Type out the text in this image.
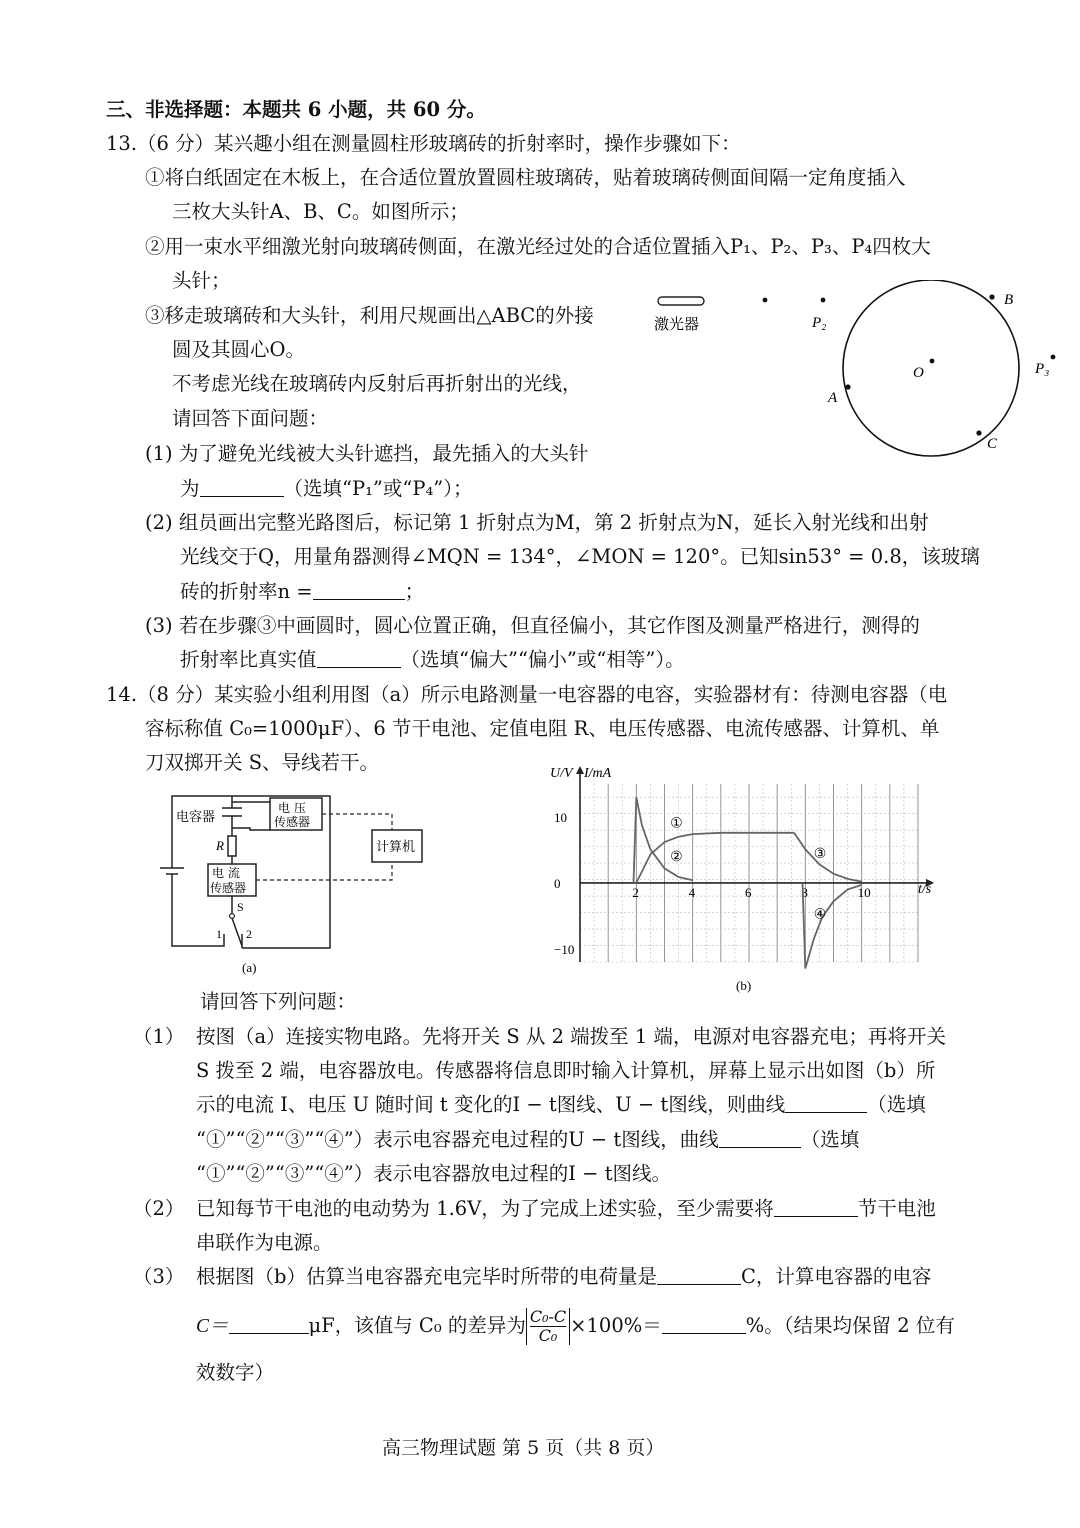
三、非选择题：本题共 6 小题，共 60 分。
13.（6 分）某兴趣小组在测量圆柱形玻璃砖的折射率时，操作步骤如下：
①将白纸固定在木板上，在合适位置放置圆柱玻璃砖，贴着玻璃砖侧面间隔一定角度插入
三枚大头针A、B、C。如图所示；
②用一束水平细激光射向玻璃砖侧面，在激光经过处的合适位置插入P₁、P₂、P₃、P₄四枚大
头针；
③移走玻璃砖和大头针，利用尺规画出△ABC的外接
圆及其圆心O。
不考虑光线在玻璃砖内反射后再折射出的光线，
请回答下面问题：
(1) 为了避免光线被大头针遮挡，最先插入的大头针
为	（选填“P₁”或“P₄”）；
(2) 组员画出完整光路图后，标记第 1 折射点为M，第 2 折射点为N，延长入射光线和出射
光线交于Q，用量角器测得∠MQN = 134°，∠MON = 120°。已知sin53° = 0.8，该玻璃
砖的折射率n =	；
(3) 若在步骤③中画圆时，圆心位置正确，但直径偏小，其它作图及测量严格进行，测得的
折射率比真实值	（选填“偏大”“偏小”或“相等”）。
激光器	P₂
O
B
A
C
P₃
14.（8 分）某实验小组利用图（a）所示电路测量一电容器的电容，实验器材有：待测电容器（电
容标称值 C₀=1000μF）、6 节干电池、定值电阻 R、电压传感器、电流传感器、计算机、单
刀双掷开关 S、导线若干。
电容器
电 压
传感器
计算机
R
电 流
传感器
S
1 2
(a)
2	4	6	8	10
10
0
−10
①
②	③
④
U/V I/mA
t/s
(b)
请回答下列问题：
（1） 按图（a）连接实物电路。先将开关 S 从 2 端拨至 1 端，电源对电容器充电；再将开关
S 拨至 2 端，电容器放电。传感器将信息即时输入计算机，屏幕上显示出如图（b）所
示的电流 I、电压 U 随时间 t 变化的I − t图线、U − t图线，则曲线	（选填
“①”“②”“③”“④”）表示电容器充电过程的U − t图线，曲线	（选填
“①”“②”“③”“④”）表示电容器放电过程的I − t图线。
（2） 已知每节干电池的电动势为 1.6V，为了完成上述实验，至少需要将	节干电池
串联作为电源。
（3） 根据图（b）估算当电容器充电完毕时所带的电荷量是	C，计算电容器的电容
C＝	μF，该值与 C₀ 的差异为 $\frac{\text{C₀-C}}{\text{C₀}} \times 100\%=$	%。（结果均保留 2 位有
效数字）
高三物理试题 第 5 页（共 8 页）
